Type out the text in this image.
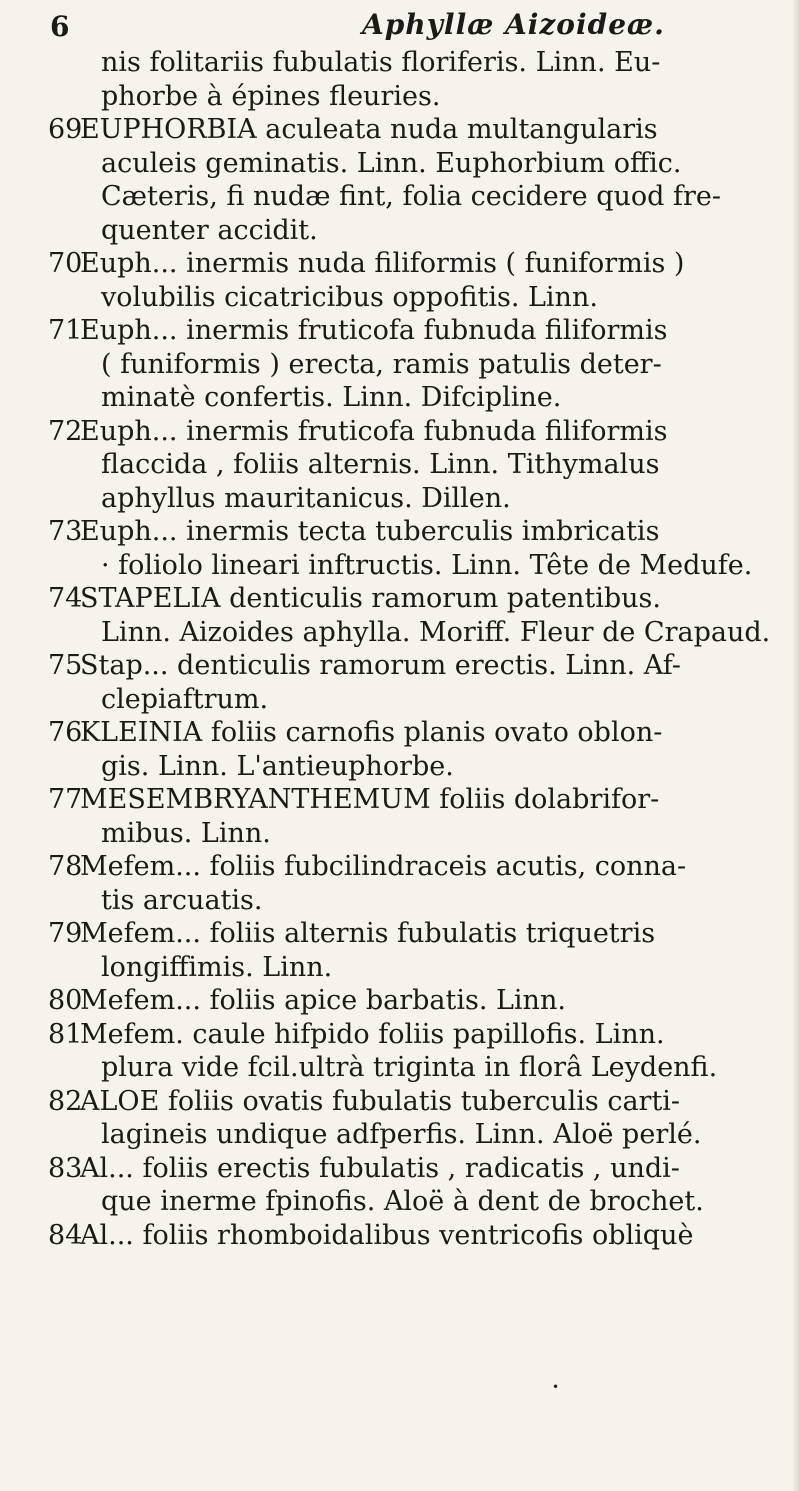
6	Aphyllæ Aizoideæ.
nis folitariis fubulatis floriferis. Linn. Eu-
phorbe à épines fleuries.
69
EUPHORBIA aculeata nuda multangularis
aculeis geminatis. Linn. Euphorbium offic.
Cæteris, fi nudæ fint, folia cecidere quod fre-
quenter accidit.
70
Euph... inermis nuda filiformis ( funiformis )
volubilis cicatricibus oppofitis. Linn.
71
Euph... inermis fruticofa fubnuda filiformis
( funiformis ) erecta, ramis patulis deter-
minatè confertis. Linn. Difcipline.
72
Euph... inermis fruticofa fubnuda filiformis
flaccida , foliis alternis. Linn. Tithymalus
aphyllus mauritanicus. Dillen.
73
Euph... inermis tecta tuberculis imbricatis
· foliolo lineari inftructis. Linn. Tête de Medufe.
74
STAPELIA denticulis ramorum patentibus.
Linn. Aizoides aphylla. Moriff. Fleur de Crapaud.
75
Stap... denticulis ramorum erectis. Linn. Af-
clepiaftrum.
76
KLEINIA foliis carnofis planis ovato oblon-
gis. Linn. L'antieuphorbe.
77
MESEMBRYANTHEMUM foliis dolabrifor-
mibus. Linn.
78
Mefem... foliis fubcilindraceis acutis, conna-
tis arcuatis.
79
Mefem... foliis alternis fubulatis triquetris
longiffimis. Linn.
80
Mefem... foliis apice barbatis. Linn.
81
Mefem. caule hifpido foliis papillofis. Linn.
plura vide fcil.ultrà triginta in florâ Leydenfi.
82
ALOE foliis ovatis fubulatis tuberculis carti-
lagineis undique adfperfis. Linn. Aloë perlé.
83
Al... foliis erectis fubulatis , radicatis , undi-
que inerme fpinofis. Aloë à dent de brochet.
84
Al... foliis rhomboidalibus ventricofis obliquè
•
